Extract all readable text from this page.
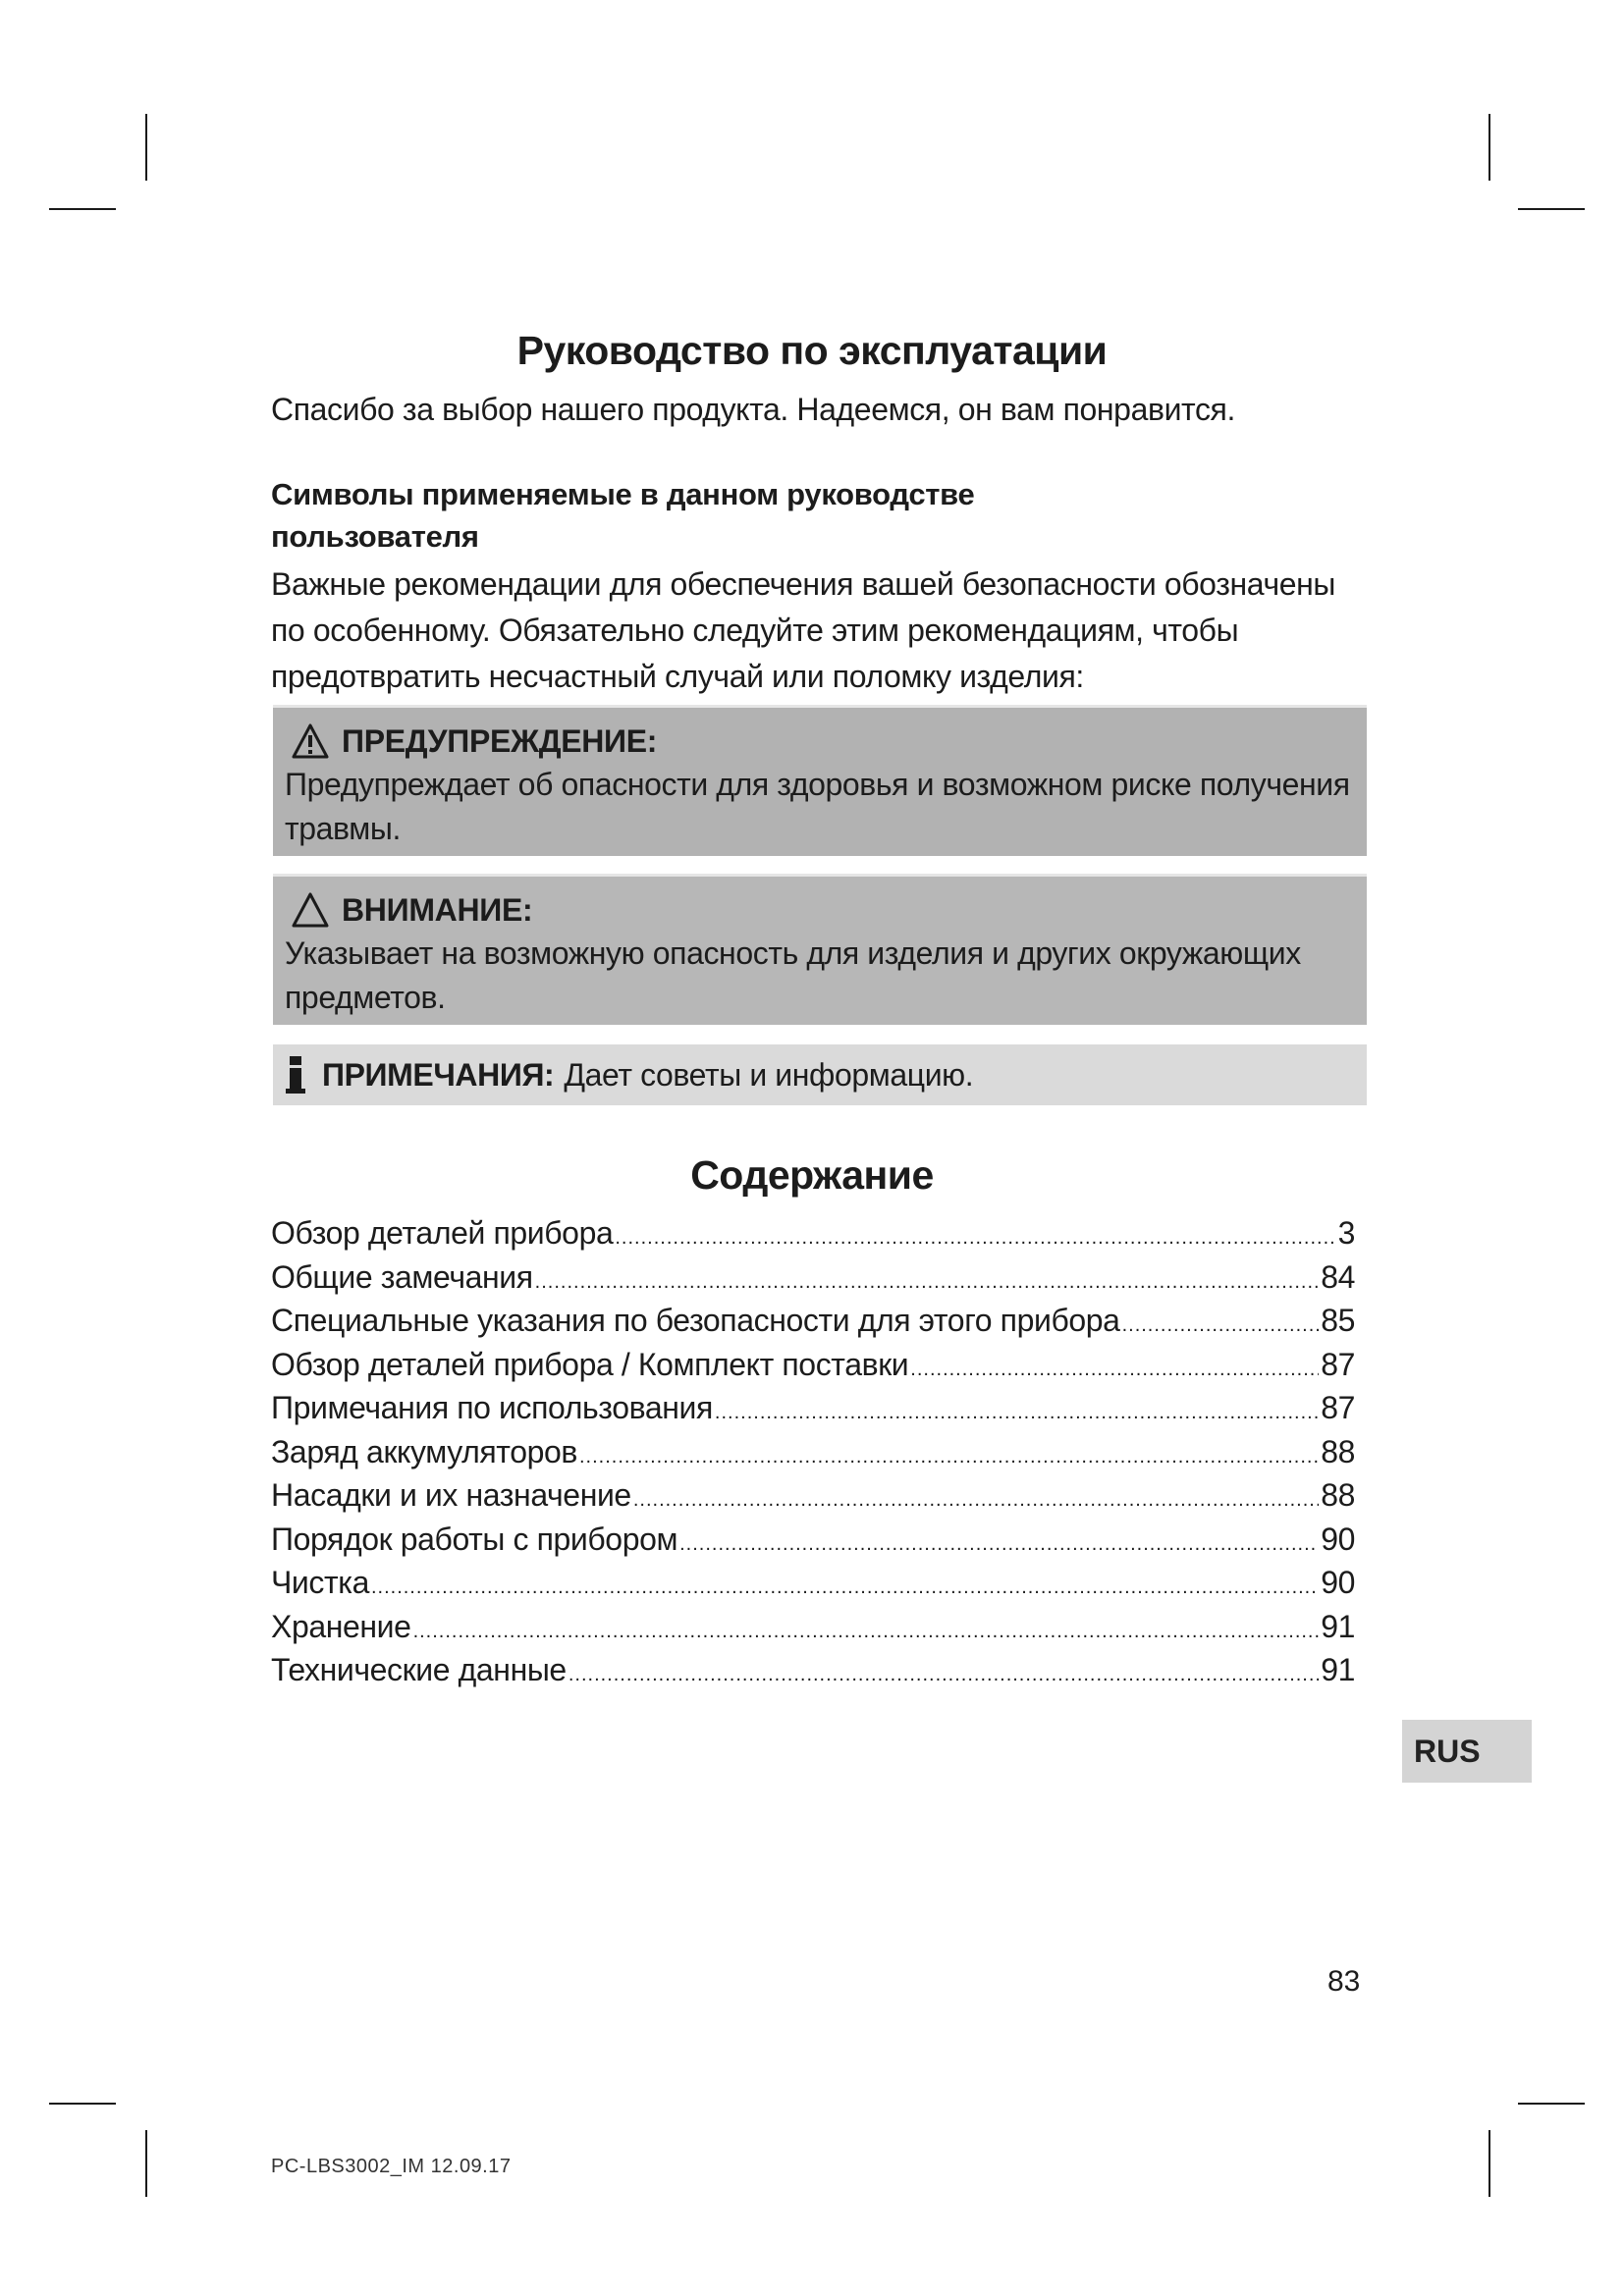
Руководство по эксплуатации
Спасибо за выбор нашего продукта. Надеемся, он вам понравится.
Символы применяемые в данном руководстве пользователя
Важные рекомендации для обеспечения вашей безопасности обозначены по особенному. Обязательно следуйте этим рекомендациям, чтобы предотвратить несчастный случай или поломку изделия:
ПРЕДУПРЕЖДЕНИЕ:
Предупреждает об опасности для здоровья и возможном риске получения травмы.
ВНИМАНИЕ:
Указывает на возможную опасность для изделия и других окружающих предметов.
ПРИМЕЧАНИЯ: Дает советы и информацию.
Содержание
Обзор деталей прибора .....	3
Общие замечания .....	84
Специальные указания по безопасности для этого прибора .....	85
Обзор деталей прибора / Комплект поставки .....	87
Примечания по использования .....	87
Заряд аккумуляторов .....	88
Насадки и их назначение .....	88
Порядок работы с прибором .....	90
Чистка .....	90
Хранение .....	91
Технические данные .....	91
RUS
83
PC-LBS3002_IM 12.09.17
